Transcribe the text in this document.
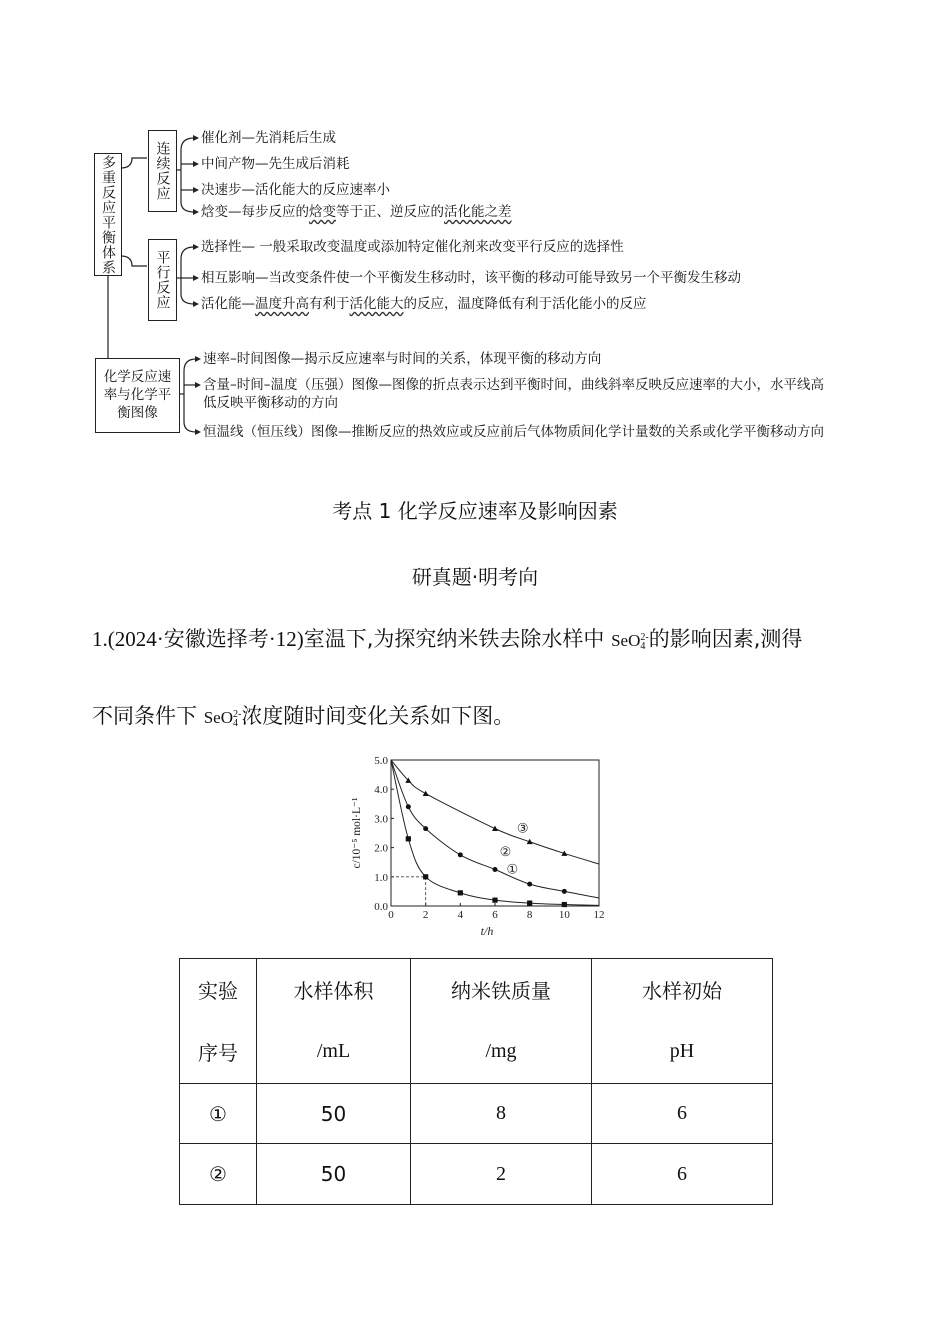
多重反应平衡体系	连续反应
平行反应
化学反应速率与化学平衡图像
催化剂—先消耗后生成
中间产物—先生成后消耗
决速步—活化能大的反应速率小
焓变—每步反应的焓变等于正、逆反应的活化能之差
选择性— 一般采取改变温度或添加特定催化剂来改变平行反应的选择性
相互影响—当改变条件使一个平衡发生移动时，该平衡的移动可能导致另一个平衡发生移动
活化能—温度升高有利于活化能大的反应，温度降低有利于活化能小的反应
速率–时间图像—揭示反应速率与时间的关系，体现平衡的移动方向
含量–时间–温度（压强）图像—图像的折点表示达到平衡时间，曲线斜率反映反应速率的大小，水平线高
低反映平衡移动的方向
恒温线（恒压线）图像—推断反应的热效应或反应前后气体物质间化学计量数的关系或化学平衡移动方向
考点 1 化学反应速率及影响因素
研真题·明考向
1.(2024·安徽选择考·12)室温下,为探究纳米铁去除水样中 SeO 2-
4 的影响因素,测得
不同条件下 SeO 2-
4 浓度随时间变化关系如下图。
0	2	4	6	8 10 12
0.0
1.0
2.0
3.0
4.0
5.0
t/h
c/10⁻⁵ mol·L⁻¹
①
②
③
实验	水样体积	纳米铁质量	水样初始
序号	/mL	/mg	pH
①	50	8	6
②	50	2	6
